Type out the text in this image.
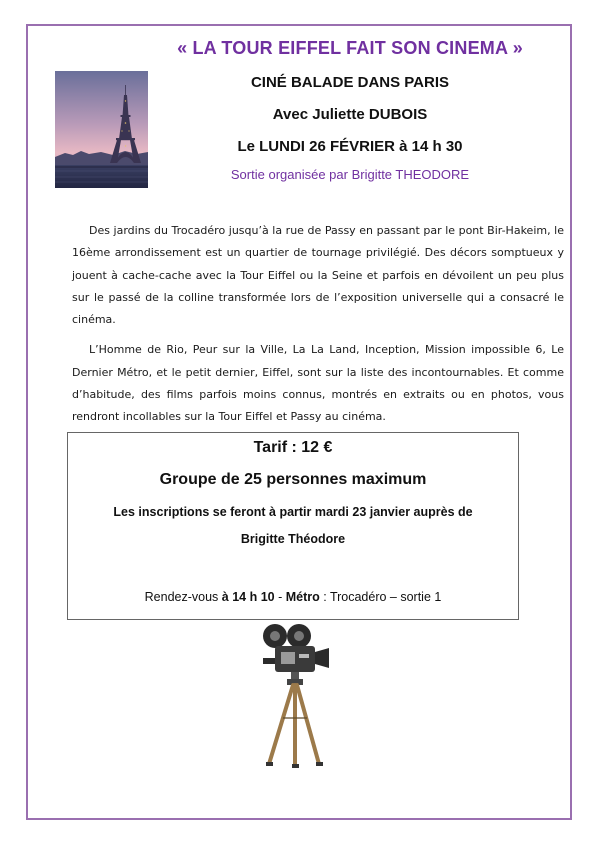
« LA TOUR EIFFEL FAIT SON CINEMA »
CINÉ BALADE DANS PARIS
Avec Juliette DUBOIS
Le LUNDI 26 FÉVRIER à 14 h 30
Sortie organisée par Brigitte THEODORE

Des jardins du Trocadéro jusqu’à la rue de Passy en passant par le pont Bir-Hakeim, le 16ème arrondissement est un quartier de tournage privilégié. Des décors somptueux y jouent à cache-cache avec la Tour Eiffel ou la Seine et parfois en dévoilent un peu plus sur le passé de la colline transformée lors de l’exposition universelle qui a consacré le cinéma.

L’Homme de Rio, Peur sur la Ville, La La Land, Inception, Mission impossible 6, Le Dernier Métro, et le petit dernier, Eiffel, sont sur la liste des incontournables. Et comme d’habitude, des films parfois moins connus, montrés en extraits ou en photos, vous rendront incollables sur la Tour Eiffel et Passy au cinéma.

Tarif : 12 €
Groupe de 25 personnes maximum
Les inscriptions se feront à partir mardi 23 janvier auprès de
Brigitte Théodore
Rendez-vous à 14 h 10 - Métro : Trocadéro – sortie 1
